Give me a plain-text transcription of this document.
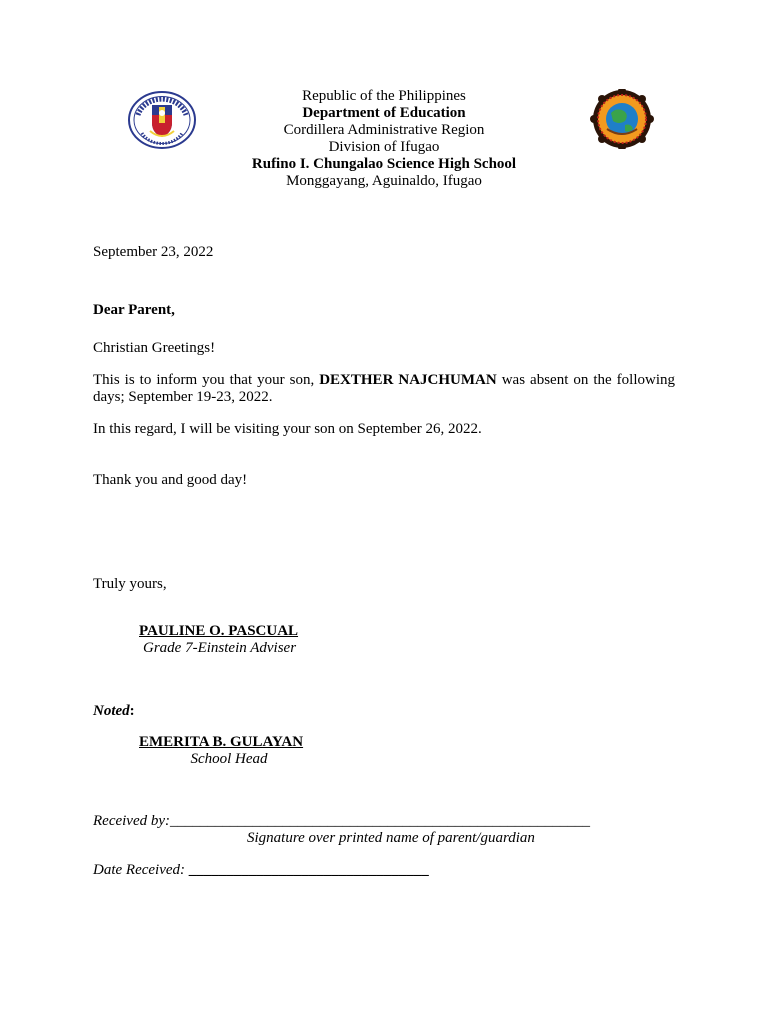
Republic of the Philippines
Department of Education
Cordillera Administrative Region
Division of Ifugao
Rufino I. Chungalao Science High School
Monggayang, Aguinaldo, Ifugao
September 23, 2022
Dear Parent,
Christian Greetings!
This is to inform you that your son, DEXTHER NAJCHUMAN was absent on the following days; September 19-23, 2022.
In this regard, I will be visiting your son on September 26, 2022.
Thank you and good day!
Truly yours,
PAULINE O. PASCUAL
Grade 7-Einstein Adviser
Noted:
EMERITA B. GULAYAN
School Head
Received by:________________________________________________________
Signature over printed name of parent/guardian
Date Received: ________________________________
